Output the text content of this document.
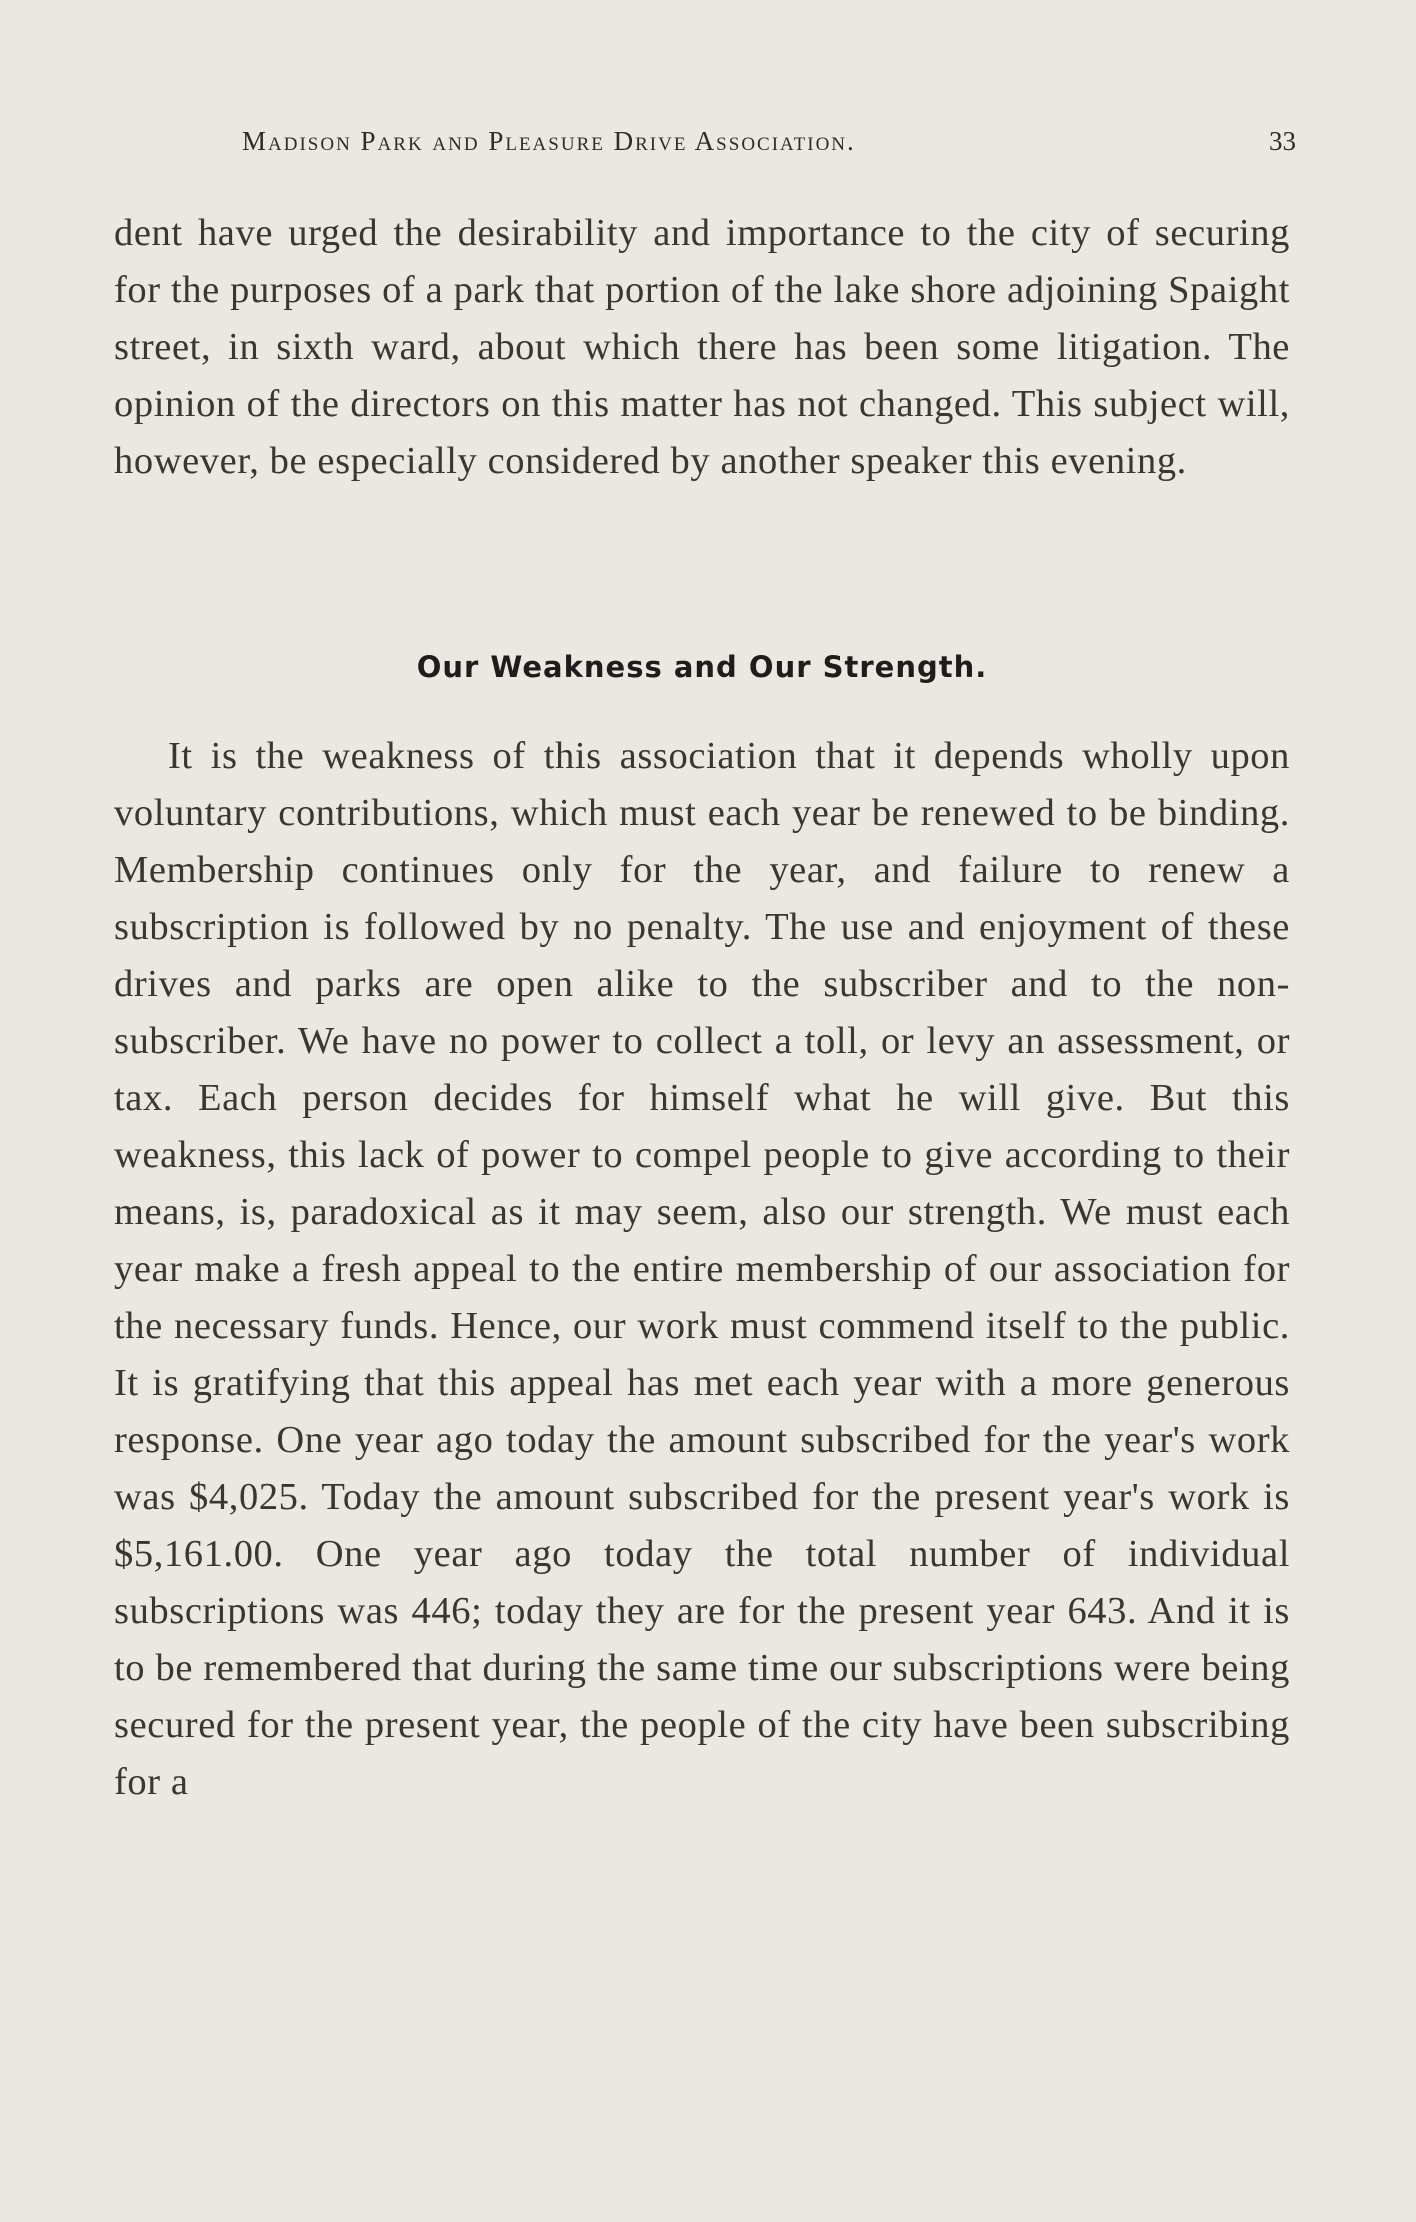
Madison Park and Pleasure Drive Association.	33

dent have urged the desirability and importance to the city of securing for the purposes of a park that portion of the lake shore adjoining Spaight street, in sixth ward, about which there has been some litigation. The opinion of the directors on this matter has not changed. This subject will, however, be especially considered by another speaker this evening.

Our Weakness and Our Strength.

It is the weakness of this association that it depends wholly upon voluntary contributions, which must each year be renewed to be binding. Membership continues only for the year, and failure to renew a subscription is followed by no penalty. The use and enjoyment of these drives and parks are open alike to the subscriber and to the non-subscriber. We have no power to collect a toll, or levy an assessment, or tax. Each person decides for himself what he will give. But this weakness, this lack of power to compel people to give according to their means, is, paradoxical as it may seem, also our strength. We must each year make a fresh appeal to the entire membership of our association for the necessary funds. Hence, our work must commend itself to the public. It is gratifying that this appeal has met each year with a more generous response. One year ago today the amount subscribed for the year's work was $4,025. Today the amount subscribed for the present year's work is $5,161.00. One year ago today the total number of individual subscriptions was 446; today they are for the present year 643. And it is to be remembered that during the same time our subscriptions were being secured for the present year, the people of the city have been subscribing for a
